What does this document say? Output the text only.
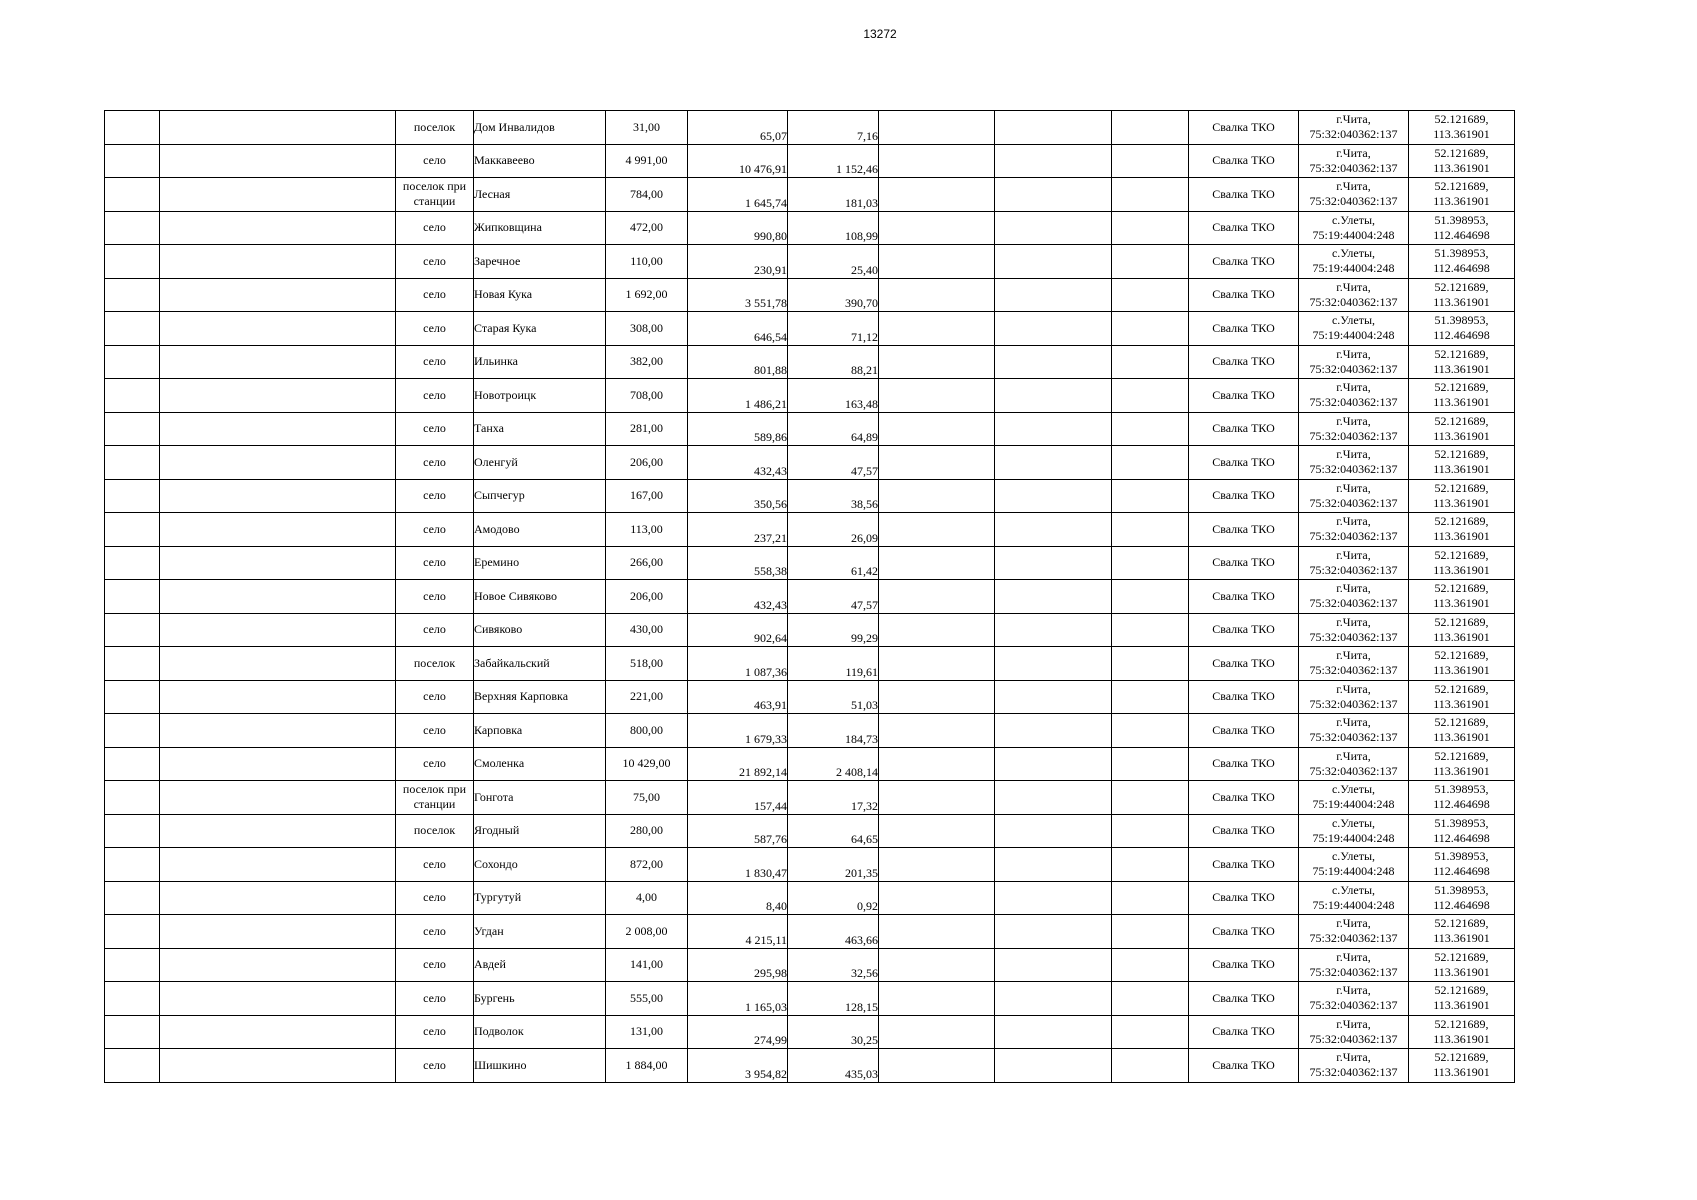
13272
		поселок	Дом Инвалидов	31,00	65,07	7,16				Свалка ТКО	г.Чита,
75:32:040362:137	52.121689,
113.361901
		село	Маккавеево	4 991,00	10 476,91	1 152,46				Свалка ТКО	г.Чита,
75:32:040362:137	52.121689,
113.361901
		поселок при станции	Лесная	784,00	1 645,74	181,03				Свалка ТКО	г.Чита,
75:32:040362:137	52.121689,
113.361901
		село	Жипковщина	472,00	990,80	108,99				Свалка ТКО	с.Улеты,
75:19:44004:248	51.398953,
112.464698
		село	Заречное	110,00	230,91	25,40				Свалка ТКО	с.Улеты,
75:19:44004:248	51.398953,
112.464698
		село	Новая Кука	1 692,00	3 551,78	390,70				Свалка ТКО	г.Чита,
75:32:040362:137	52.121689,
113.361901
		село	Старая Кука	308,00	646,54	71,12				Свалка ТКО	с.Улеты,
75:19:44004:248	51.398953,
112.464698
		село	Ильинка	382,00	801,88	88,21				Свалка ТКО	г.Чита,
75:32:040362:137	52.121689,
113.361901
		село	Новотроицк	708,00	1 486,21	163,48				Свалка ТКО	г.Чита,
75:32:040362:137	52.121689,
113.361901
		село	Танха	281,00	589,86	64,89				Свалка ТКО	г.Чита,
75:32:040362:137	52.121689,
113.361901
		село	Оленгуй	206,00	432,43	47,57				Свалка ТКО	г.Чита,
75:32:040362:137	52.121689,
113.361901
		село	Сыпчегур	167,00	350,56	38,56				Свалка ТКО	г.Чита,
75:32:040362:137	52.121689,
113.361901
		село	Амодово	113,00	237,21	26,09				Свалка ТКО	г.Чита,
75:32:040362:137	52.121689,
113.361901
		село	Еремино	266,00	558,38	61,42				Свалка ТКО	г.Чита,
75:32:040362:137	52.121689,
113.361901
		село	Новое Сивяково	206,00	432,43	47,57				Свалка ТКО	г.Чита,
75:32:040362:137	52.121689,
113.361901
		село	Сивяково	430,00	902,64	99,29				Свалка ТКО	г.Чита,
75:32:040362:137	52.121689,
113.361901
		поселок	Забайкальский	518,00	1 087,36	119,61				Свалка ТКО	г.Чита,
75:32:040362:137	52.121689,
113.361901
		село	Верхняя Карповка	221,00	463,91	51,03				Свалка ТКО	г.Чита,
75:32:040362:137	52.121689,
113.361901
		село	Карповка	800,00	1 679,33	184,73				Свалка ТКО	г.Чита,
75:32:040362:137	52.121689,
113.361901
		село	Смоленка	10 429,00	21 892,14	2 408,14				Свалка ТКО	г.Чита,
75:32:040362:137	52.121689,
113.361901
		поселок при станции	Гонгота	75,00	157,44	17,32				Свалка ТКО	с.Улеты,
75:19:44004:248	51.398953,
112.464698
		поселок	Ягодный	280,00	587,76	64,65				Свалка ТКО	с.Улеты,
75:19:44004:248	51.398953,
112.464698
		село	Сохондо	872,00	1 830,47	201,35				Свалка ТКО	с.Улеты,
75:19:44004:248	51.398953,
112.464698
		село	Тургутуй	4,00	8,40	0,92				Свалка ТКО	с.Улеты,
75:19:44004:248	51.398953,
112.464698
		село	Угдан	2 008,00	4 215,11	463,66				Свалка ТКО	г.Чита,
75:32:040362:137	52.121689,
113.361901
		село	Авдей	141,00	295,98	32,56				Свалка ТКО	г.Чита,
75:32:040362:137	52.121689,
113.361901
		село	Бургень	555,00	1 165,03	128,15				Свалка ТКО	г.Чита,
75:32:040362:137	52.121689,
113.361901
		село	Подволок	131,00	274,99	30,25				Свалка ТКО	г.Чита,
75:32:040362:137	52.121689,
113.361901
		село	Шишкино	1 884,00	3 954,82	435,03				Свалка ТКО	г.Чита,
75:32:040362:137	52.121689,
113.361901
